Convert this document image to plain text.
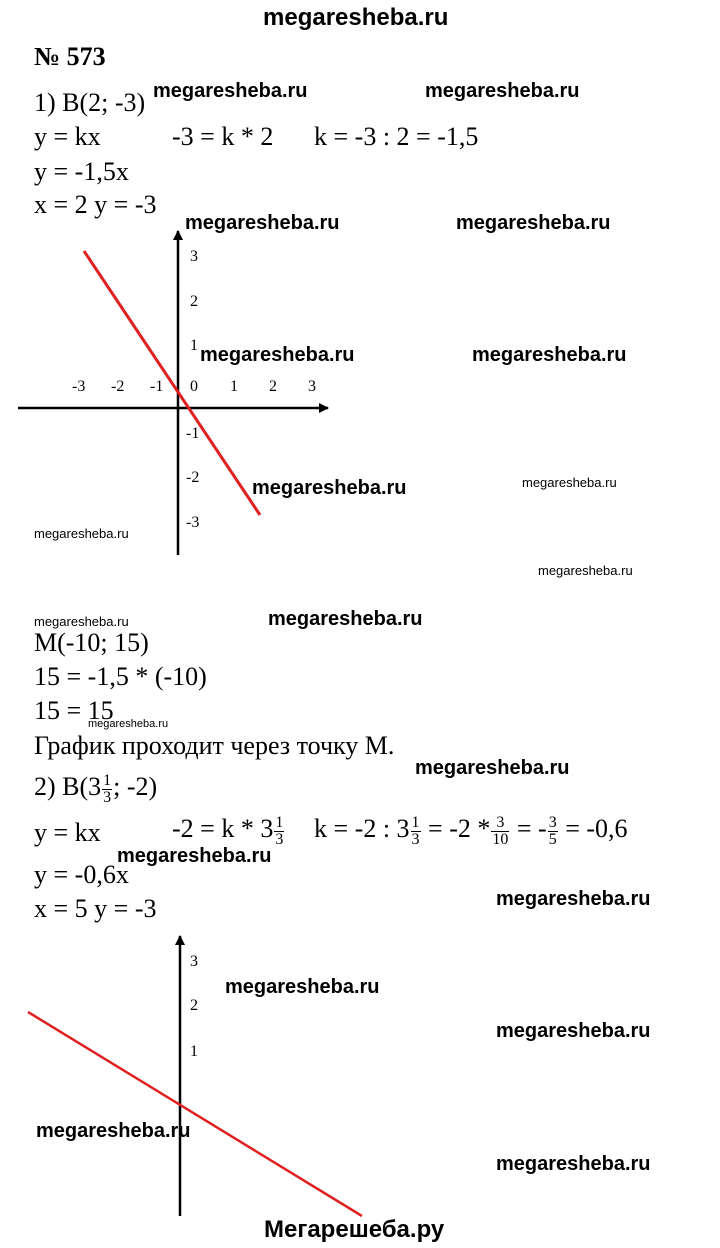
megaresheba.ru
№ 573
1) B(2; -3)
y = kx	-3 = k * 2 k = -3 : 2 = -1,5
y = -1,5x
x = 2 y = -3
-3 -2 -1 0 1 2 3
3
2
1
-1
-2
-3
M(-10; 15)
15 = -1,5 * (-10)
15 = 15
График проходит через точку M.
2) $B(3 \frac{1}{3}$ ; -2)
y = kx	$-2 = k * 3 \frac{1}{3}$ k = -2 : $3 \frac{1}{3} = -2 * \frac{3}{10}$ = - $\frac{3}{5} = -0,6$
y = -0,6x
x = 5 y = -3
3
2
1
megaresheba.ru	megaresheba.ru
megaresheba.ru	megaresheba.ru
megaresheba.ru	megaresheba.ru
megaresheba.ru
megaresheba.ru
megaresheba.ru
megaresheba.ru
megaresheba.ru
megaresheba.ru
megaresheba.ru
megaresheba.ru
megaresheba.ru
megaresheba.ru
megaresheba.ru
megaresheba.ru
megaresheba.ru
megaresheba.ru
Мегарешеба.ру
